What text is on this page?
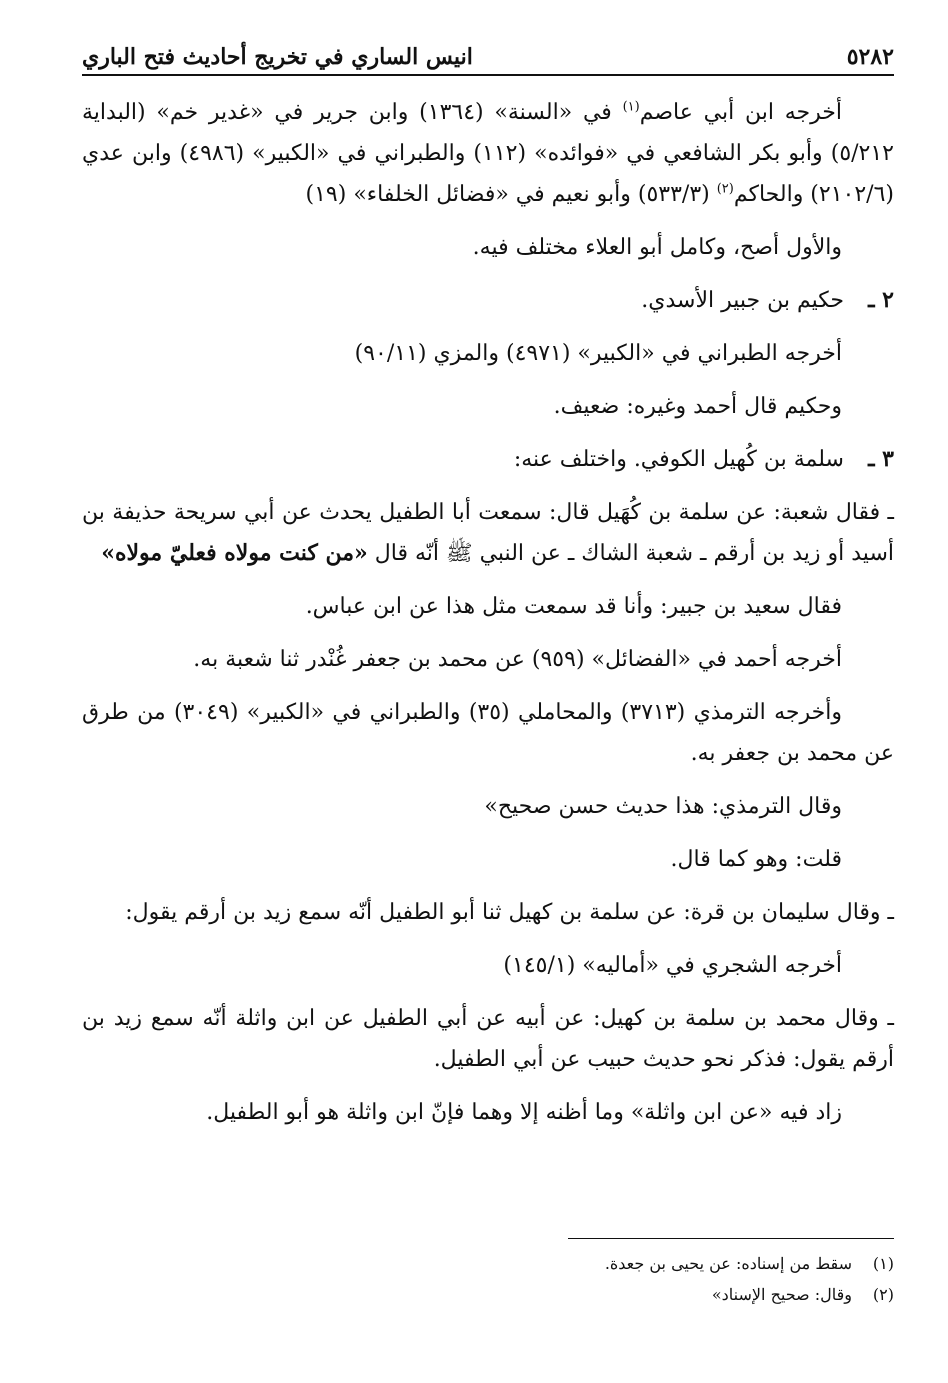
٥٢٨٢
انيس الساري في تخريج أحاديث فتح الباري

أخرجه ابن أبي عاصم$^{(١)}$ في «السنة» (١٣٦٤) وابن جرير في «غدير خم» (البداية ٥/٢١٢) وأبو بكر الشافعي في «فوائده» (١١٢) والطبراني في «الكبير» (٤٩٨٦) وابن عدي (٢١٠٢/٦) والحاكم$^{(٢)}$ (٥٣٣/٣) وأبو نعيم في «فضائل الخلفاء» (١٩)

والأول أصح، وكامل أبو العلاء مختلف فيه.

٢ ـ
حكيم بن جبير الأسدي.

أخرجه الطبراني في «الكبير» (٤٩٧١) والمزي (٩٠/١١)

وحكيم قال أحمد وغيره: ضعيف.

٣ ـ
سلمة بن كُهيل الكوفي. واختلف عنه:

ـ فقال شعبة: عن سلمة بن كُهَيل قال: سمعت أبا الطفيل يحدث عن أبي سريحة حذيفة بن أسيد أو زيد بن أرقم ـ شعبة الشاك ـ عن النبي ﷺ أنّه قال «من كنت مولاه فعليّ مولاه»

فقال سعيد بن جبير: وأنا قد سمعت مثل هذا عن ابن عباس.

أخرجه أحمد في «الفضائل» (٩٥٩) عن محمد بن جعفر غُنْدر ثنا شعبة به.

وأخرجه الترمذي (٣٧١٣) والمحاملي (٣٥) والطبراني في «الكبير» (٣٠٤٩) من طرق عن محمد بن جعفر به.

وقال الترمذي: هذا حديث حسن صحيح»

قلت: وهو كما قال.

ـ وقال سليمان بن قرة: عن سلمة بن كهيل ثنا أبو الطفيل أنّه سمع زيد بن أرقم يقول:

أخرجه الشجري في «أماليه» (١٤٥/١)

ـ وقال محمد بن سلمة بن كهيل: عن أبيه عن أبي الطفيل عن ابن واثلة أنّه سمع زيد بن أرقم يقول: فذكر نحو حديث حبيب عن أبي الطفيل.

زاد فيه «عن ابن واثلة» وما أظنه إلا وهما فإنّ ابن واثلة هو أبو الطفيل.

(١)
سقط من إسناده: عن يحيى بن جعدة.
(٢)
وقال: صحيح الإسناد»
